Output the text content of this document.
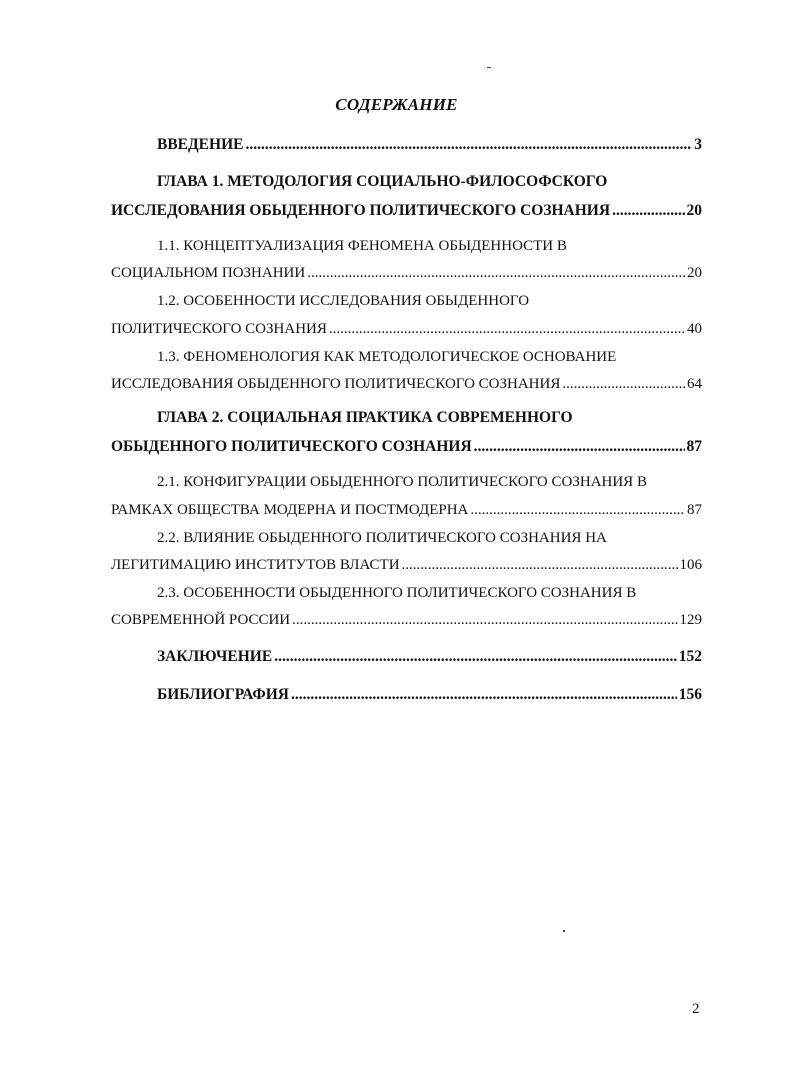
СОДЕРЖАНИЕ
ВВЕДЕНИЕ .....	3
ГЛАВА 1. МЕТОДОЛОГИЯ СОЦИАЛЬНО-ФИЛОСОФСКОГО
ИССЛЕДОВАНИЯ ОБЫДЕННОГО ПОЛИТИЧЕСКОГО СОЗНАНИЯ .....	20
1.1. КОНЦЕПТУАЛИЗАЦИЯ ФЕНОМЕНА ОБЫДЕННОСТИ В
СОЦИАЛЬНОМ ПОЗНАНИИ .....	20
1.2. ОСОБЕННОСТИ ИССЛЕДОВАНИЯ ОБЫДЕННОГО
ПОЛИТИЧЕСКОГО СОЗНАНИЯ .....	40
1.3. ФЕНОМЕНОЛОГИЯ КАК МЕТОДОЛОГИЧЕСКОЕ ОСНОВАНИЕ
ИССЛЕДОВАНИЯ ОБЫДЕННОГО ПОЛИТИЧЕСКОГО СОЗНАНИЯ .....	64
ГЛАВА 2. СОЦИАЛЬНАЯ ПРАКТИКА СОВРЕМЕННОГО
ОБЫДЕННОГО ПОЛИТИЧЕСКОГО СОЗНАНИЯ .....	87
2.1. КОНФИГУРАЦИИ ОБЫДЕННОГО ПОЛИТИЧЕСКОГО СОЗНАНИЯ В
РАМКАХ ОБЩЕСТВА МОДЕРНА И ПОСТМОДЕРНА .....	87
2.2. ВЛИЯНИЕ ОБЫДЕННОГО ПОЛИТИЧЕСКОГО СОЗНАНИЯ НА
ЛЕГИТИМАЦИЮ ИНСТИТУТОВ ВЛАСТИ .....	106
2.3. ОСОБЕННОСТИ ОБЫДЕННОГО ПОЛИТИЧЕСКОГО СОЗНАНИЯ В
СОВРЕМЕННОЙ РОССИИ .....	129
ЗАКЛЮЧЕНИЕ .....	152
БИБЛИОГРАФИЯ .....	156
2
